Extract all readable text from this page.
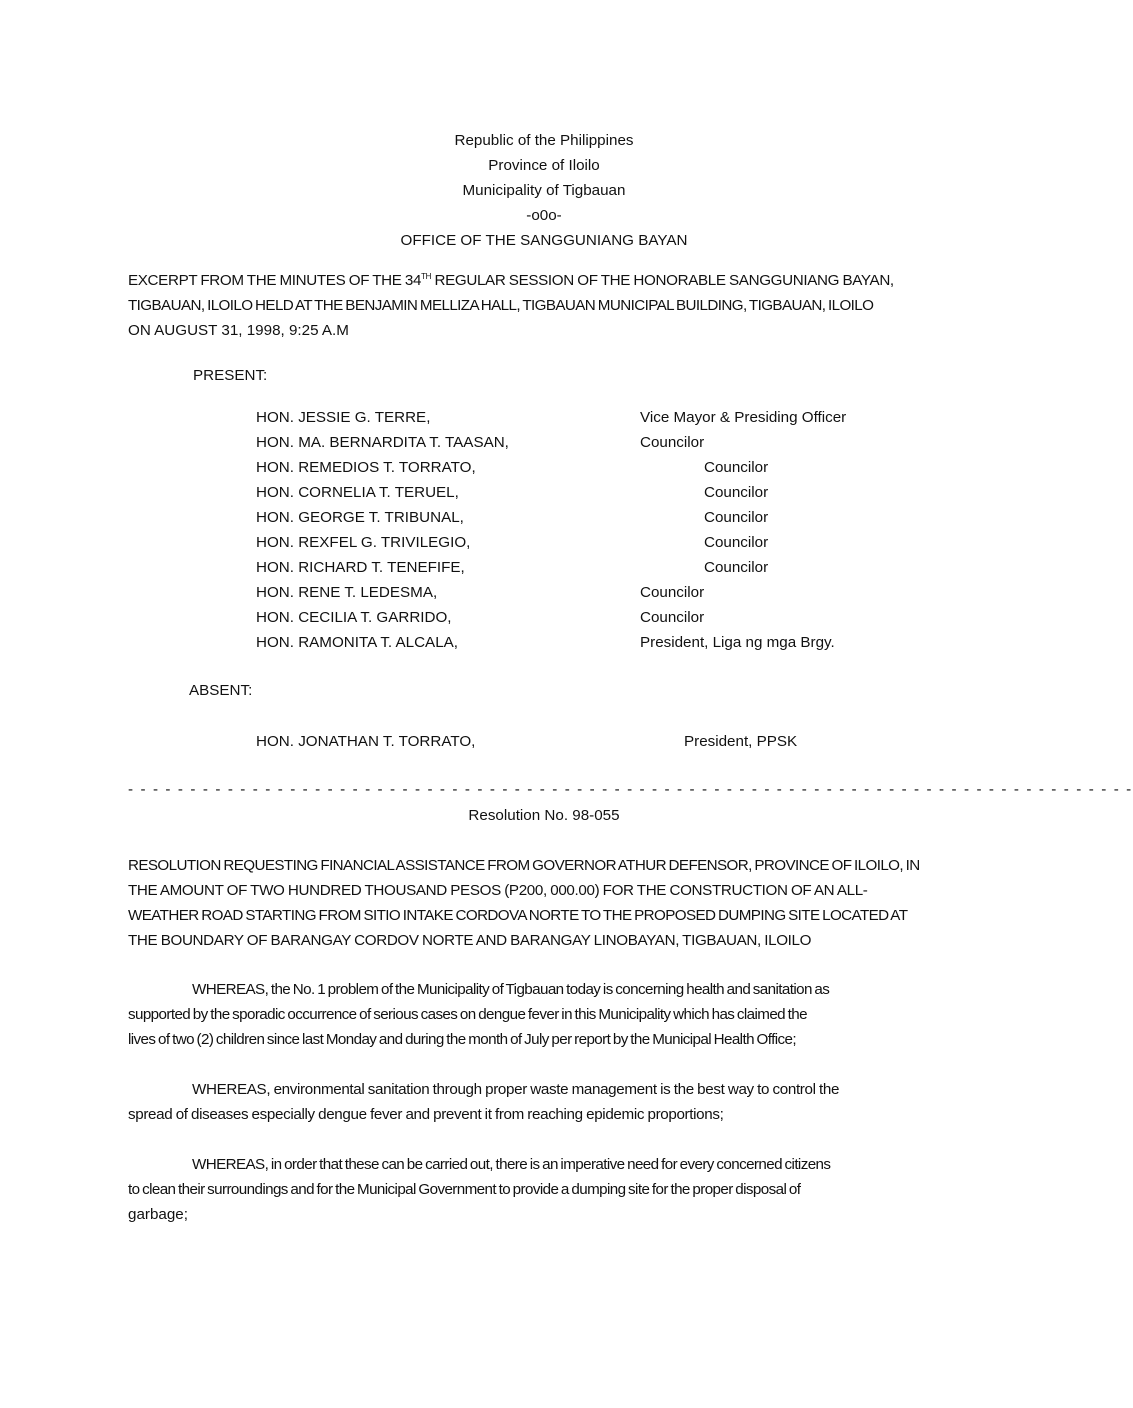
Republic of the Philippines
Province of Iloilo
Municipality of Tigbauan
-o0o-
OFFICE OF THE SANGGUNIANG BAYAN
EXCERPT FROM THE MINUTES OF THE 34TH REGULAR SESSION OF THE HONORABLE SANGGUNIANG BAYAN,
TIGBAUAN, ILOILO HELD AT THE BENJAMIN MELLIZA HALL, TIGBAUAN MUNICIPAL BUILDING, TIGBAUAN, ILOILO
ON AUGUST 31, 1998, 9:25 A.M
PRESENT:
HON. JESSIE G. TERRE,	Vice Mayor & Presiding Officer
HON. MA. BERNARDITA T. TAASAN,	Councilor
HON. REMEDIOS T. TORRATO,	Councilor
HON. CORNELIA T. TERUEL,	Councilor
HON. GEORGE T. TRIBUNAL,	Councilor
HON. REXFEL G. TRIVILEGIO,	Councilor
HON. RICHARD T. TENEFIFE,	Councilor
HON. RENE T. LEDESMA,	Councilor
HON. CECILIA T. GARRIDO,	Councilor
HON. RAMONITA T. ALCALA,	President, Liga ng mga Brgy.
ABSENT:
HON. JONATHAN T. TORRATO,	President, PPSK
- - - - - - - - - - - - - - - - - - - - - - - - - - - - - - - - - - - - - - - - - - - - - - - - - - - - - - - - - - - - - - - - - - - - - - - - - - - - - - - - -
Resolution No. 98-055
RESOLUTION REQUESTING FINANCIAL ASSISTANCE FROM GOVERNOR ATHUR DEFENSOR, PROVINCE OF ILOILO, IN
THE AMOUNT OF TWO HUNDRED THOUSAND PESOS (P200, 000.00) FOR THE CONSTRUCTION OF AN ALL-
WEATHER ROAD STARTING FROM SITIO INTAKE CORDOVA NORTE TO THE PROPOSED DUMPING SITE LOCATED AT
THE BOUNDARY OF BARANGAY CORDOV NORTE AND BARANGAY LINOBAYAN, TIGBAUAN, ILOILO
WHEREAS, the No. 1 problem of the Municipality of Tigbauan today is concerning health and sanitation as
supported by the sporadic occurrence of serious cases on dengue fever in this Municipality which has claimed the
lives of two (2) children since last Monday and during the month of July per report by the Municipal Health Office;
WHEREAS, environmental sanitation through proper waste management is the best way to control the
spread of diseases especially dengue fever and prevent it from reaching epidemic proportions;
WHEREAS, in order that these can be carried out, there is an imperative need for every concerned citizens
to clean their surroundings and for the Municipal Government to provide a dumping site for the proper disposal of
garbage;
